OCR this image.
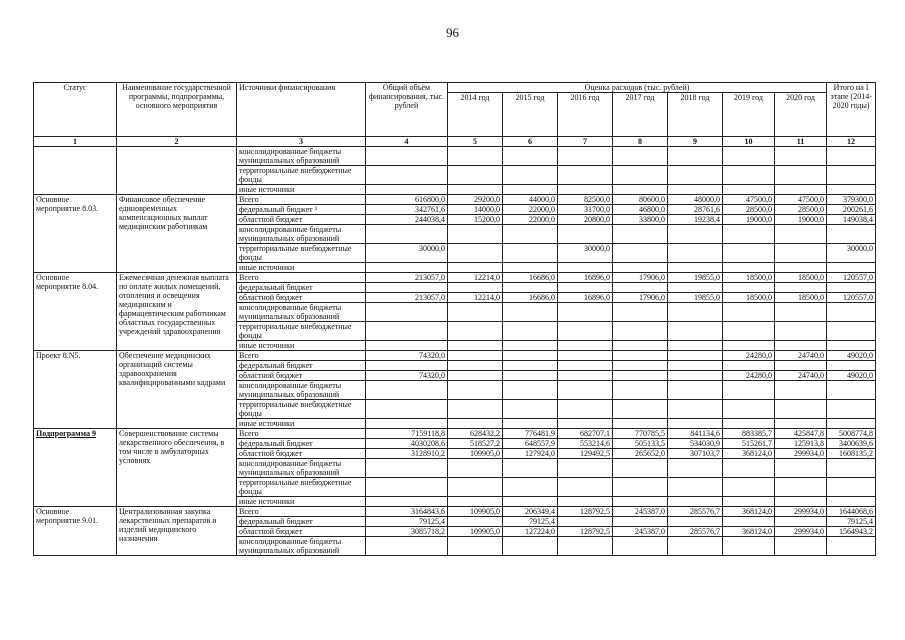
96
Статус	Наименование государственной программы, подпрограммы, основного мероприятия	Источники финансирования	Общий объём финансирования, тыс. рублей	Оценка расходов (тыс. рублей)							Итого на I этапе (2014-2020 годы)
				2014 год	2015 год	2016 год	2017 год	2018 год	2019 год	2020 год	
1	2	3	4	5	6	7	8	9	10	11	12
		консолидированные бюджеты муниципальных образований									
		территориальные внебюджетные фонды									
		иные источники									
Основное мероприятие 8.03.	Финансовое обеспечение единовременных компенсационных выплат медицинским работникам	Всего	616800,0	29200,0	44000,0	82500,0	80600,0	48000,0	47500,0	47500,0	379300,0
		федеральный бюджет ³	342761,6	14000,0	22000,0	31700,0	46800,0	28761,6	28500,0	28500,0	200261,6
		областной бюджет	244038,4	15200,0	22000,0	20800,0	33800,0	19238,4	19000,0	19000,0	149038,4
		консолидированные бюджеты муниципальных образований									
		территориальные внебюджетные фонды	30000,0			30000,0					30000,0
		иные источники									
Основное мероприятие 8.04.	Ежемесячная денежная выплата по оплате жилых помещений, отопления и освещения медицинским и фармацевтическим работникам областных государственных учреждений здравоохранения	Всего	213057,0	12214,0	16686,0	16896,0	17906,0	19855,0	18500,0	18500,0	120557,0
		федеральный бюджет									
		областной бюджет	213057,0	12214,0	16686,0	16896,0	17906,0	19855,0	18500,0	18500,0	120557,0
		консолидированные бюджеты муниципальных образований									
		территориальные внебюджетные фонды									
		иные источники									
Проект 8.N5.	Обеспечение медицинских организаций системы здравоохранения квалифицированными кадрами	Всего	74320,0						24280,0	24740,0	49020,0
		федеральный бюджет									
		областной бюджет	74320,0						24280,0	24740,0	49020,0
		консолидированные бюджеты муниципальных образований									
		территориальные внебюджетные фонды									
		иные источники									
Подпрограмма 9	Совершенствование системы лекарственного обеспечения, в том числе в амбулаторных условиях	Всего	7159118,8	628432,2	776481,9	682707,1	770785,5	841134,6	883385,7	425847,8	5008774,8
		федеральный бюджет	4030208,6	518527,2	648557,9	553214,6	505133,5	534030,9	515261,7	125913,8	3400639,6
		областной бюджет	3128910,2	109905,0	127924,0	129492,5	265652,0	307103,7	368124,0	299934,0	1608135,2
		консолидированные бюджеты муниципальных образований									
		территориальные внебюджетные фонды									
		иные источники									
Основное мероприятие 9.01.	Централизованная закупка лекарственных препаратов и изделий медицинского назначения	Всего	3164843,6	109905,0	206349,4	128792,5	245387,0	285576,7	368124,0	299934,0	1644068,6
		федеральный бюджет	79125,4		79125,4						79125,4
		областной бюджет	3085718,2	109905,0	127224,0	128792,5	245387,0	285576,7	368124,0	299934,0	1564943,2
		консолидированные бюджеты муниципальных образований									
